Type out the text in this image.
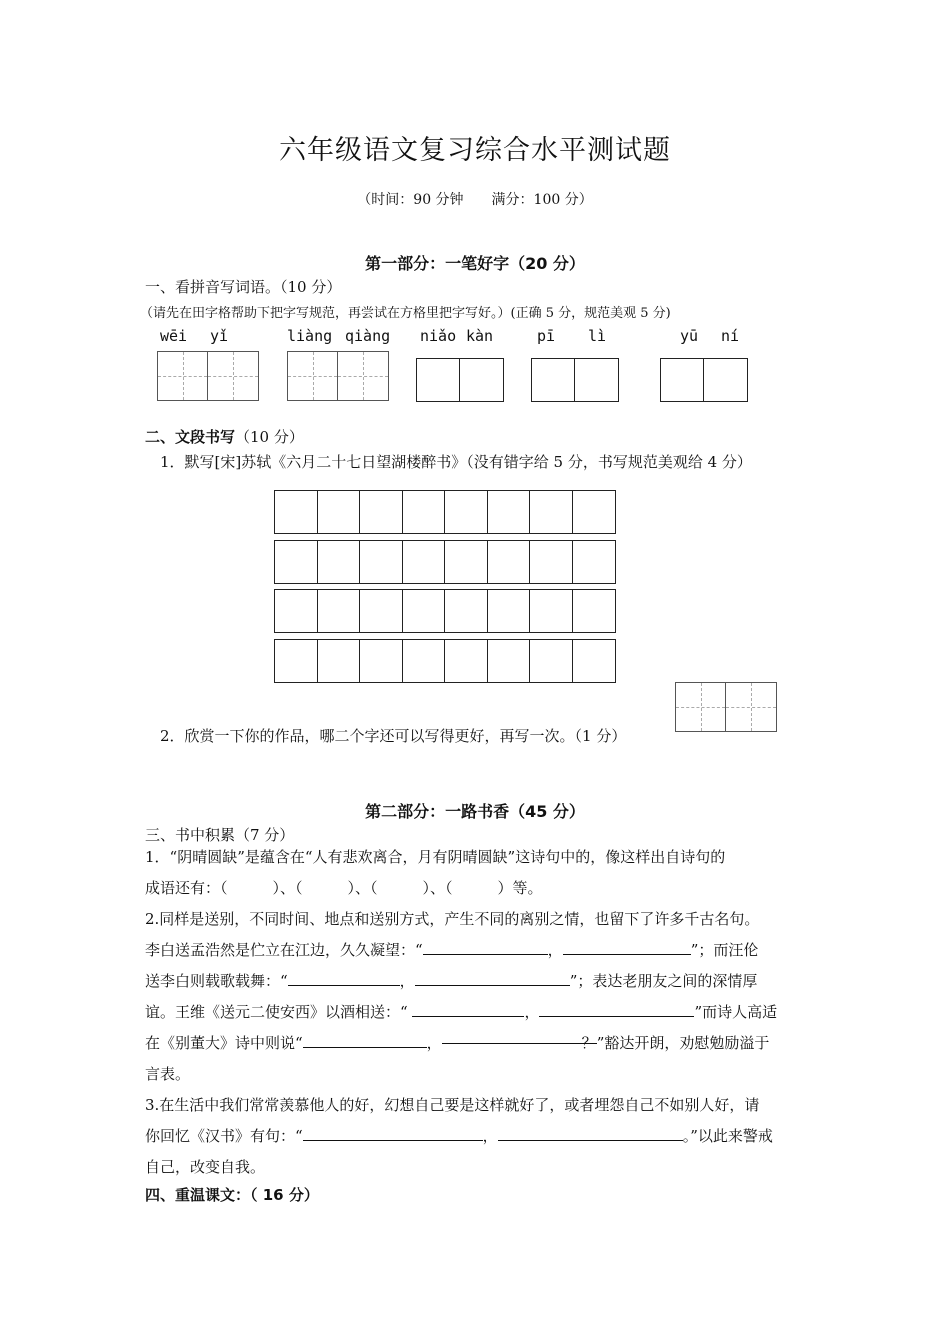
六年级语文复习综合水平测试题
（时间：90 分钟　　满分：100 分）
第一部分：一笔好字（20 分）
一、看拼音写词语。（10 分）
（请先在田字格帮助下把字写规范，再尝试在方格里把字写好。）(正确 5 分，规范美观 5 分)
wēi yǐ	liàng qiàng niǎo kàn	pī lì	yū ní
二、文段书写（10 分）
1．默写[宋]苏轼《六月二十七日望湖楼醉书》（没有错字给 5 分，书写规范美观给 4 分）
2．欣赏一下你的作品，哪二个字还可以写得更好，再写一次。（1 分）
第二部分：一路书香（45 分）
三、书中积累（7 分）
1．“阴晴圆缺”是蕴含在“人有悲欢离合，月有阴晴圆缺”这诗句中的，像这样出自诗句的
成语还有：（　　　）、（　　　）、（　　　）、（　　　）等。
2.同样是送别，不同时间、地点和送别方式，产生不同的离别之情，也留下了许多千古名句。
李白送孟浩然是伫立在江边，久久凝望：“	，	”；而汪伦
送李白则载歌载舞：“	，	”；表达老朋友之间的深情厚
谊。王维《送元二使安西》以酒相送：“	，	”而诗人高适
在《别董大》诗中则说“	，	？”豁达开朗，劝慰勉励溢于
言表。
3.在生活中我们常常羡慕他人的好，幻想自己要是这样就好了，或者埋怨自己不如别人好，请
你回忆《汉书》有句：“	，	。”以此来警戒
自己，改变自我。
四、重温课文：（ 16 分）
